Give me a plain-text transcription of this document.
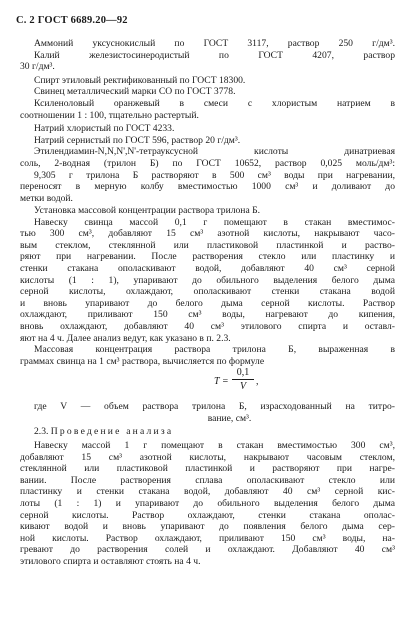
С. 2 ГОСТ 6689.20—92
Аммоний уксуснокислый по ГОСТ 3117, раствор 250 г/дм³.
Калий железистосинеродистый по ГОСТ 4207, раствор
30 г/дм³.
Спирт этиловый ректификованный по ГОСТ 18300.
Свинец металлический марки СО по ГОСТ 3778.
Ксиленоловый оранжевый в смеси с хлористым натрием в
соотношении 1 : 100, тщательно растертый.
Натрий хлористый по ГОСТ 4233.
Натрий сернистый по ГОСТ 596, раствор 20 г/дм³.
Этилендиамин-N,N,N',N'-тетрауксусной кислоты динатриевая
соль, 2-водная (трилон Б) по ГОСТ 10652, раствор 0,025 моль/дм³:
9,305 г трилона Б растворяют в 500 см³ воды при нагревании,
переносят в мерную колбу вместимостью 1000 см³ и доливают до
метки водой.
Установка массовой концентрации раствора трилона Б.
Навеску свинца массой 0,1 г помещают в стакан вместимос-
тью 300 см³, добавляют 15 см³ азотной кислоты, накрывают часо-
вым стеклом, стеклянной или пластиковой пластинкой и раство-
ряют при нагревании. После растворения стекло или пластинку и
стенки стакана ополаскивают водой, добавляют 40 см³ серной
кислоты (1 : 1), упаривают до обильного выделения белого дыма
серной кислоты, охлаждают, ополаскивают стенки стакана водой
и вновь упаривают до белого дыма серной кислоты. Раствор
охлаждают, приливают 150 см³ воды, нагревают до кипения,
вновь охлаждают, добавляют 40 см³ этилового спирта и оставл-
яют на 4 ч. Далее анализ ведут, как указано в п. 2.3.
Массовая концентрация раствора трилона Б, выраженная в
граммах свинца на 1 см³ раствора, вычисляется по формуле
T =
0,1
V ,
где V — объем раствора трилона Б, израсходованный на титро-
вание, см³.
2.3. Проведение анализа
Навеску массой 1 г помещают в стакан вместимостью 300 см³,
добавляют 15 см³ азотной кислоты, накрывают часовым стеклом,
стеклянной или пластиковой пластинкой и растворяют при нагре-
вании. После растворения сплава ополаскивают стекло или
пластинку и стенки стакана водой, добавляют 40 см³ серной кис-
лоты (1 : 1) и упаривают до обильного выделения белого дыма
серной кислоты. Раствор охлаждают, стенки стакана ополас-
кивают водой и вновь упаривают до появления белого дыма сер-
ной кислоты. Раствор охлаждают, приливают 150 см³ воды, на-
гревают до растворения солей и охлаждают. Добавляют 40 см³
этилового спирта и оставляют стоять на 4 ч.
